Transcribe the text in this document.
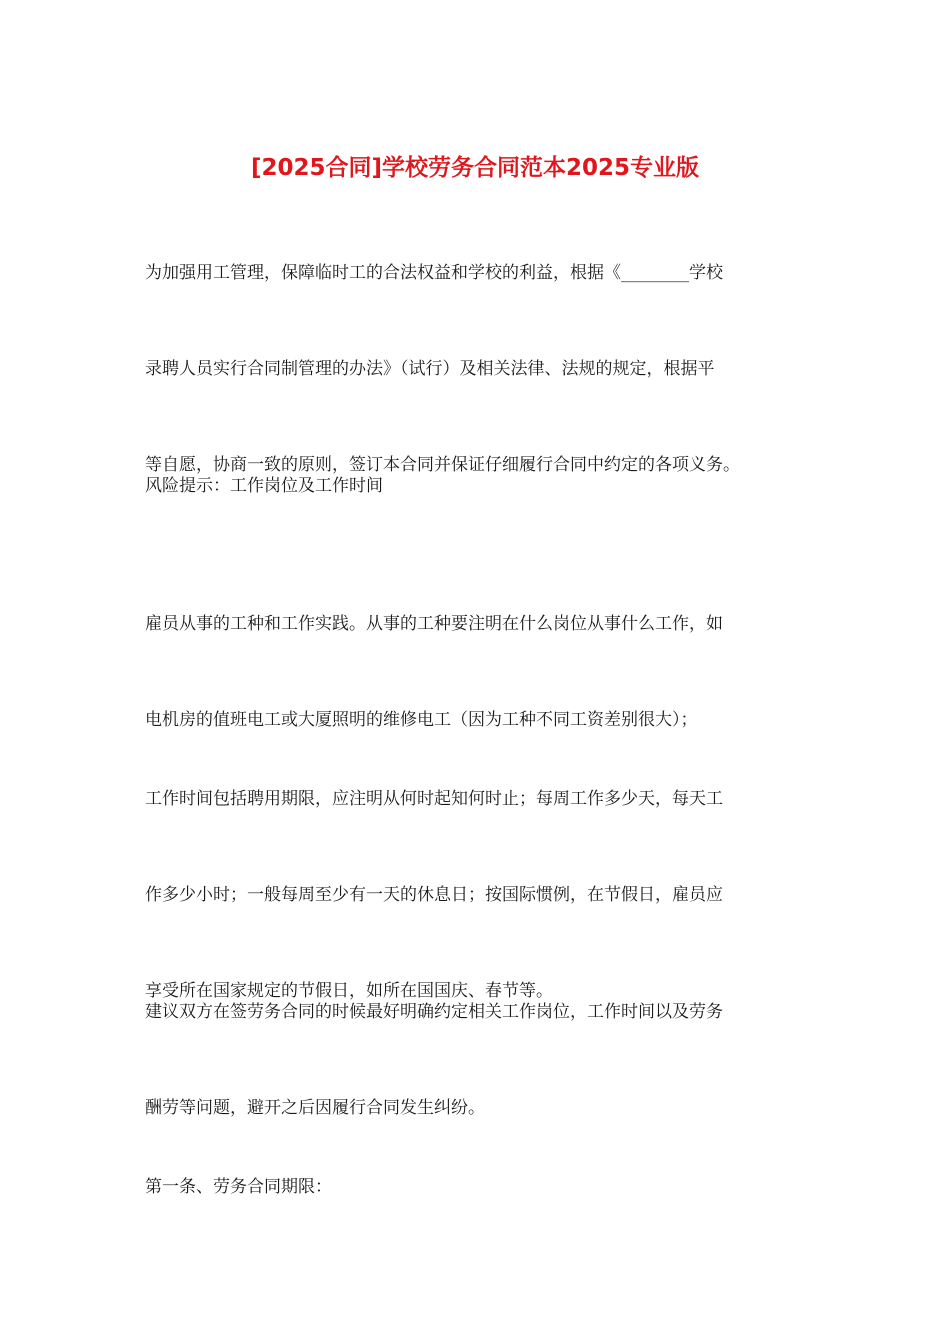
[2025合同]学校劳务合同范本2025专业版

为加强用工管理，保障临时工的合法权益和学校的利益，根据《________学校

录聘人员实行合同制管理的办法》（试行）及相关法律、法规的规定，根据平

等自愿，协商一致的原则，签订本合同并保证仔细履行合同中约定的各项义务。

风险提示：工作岗位及工作时间

雇员从事的工种和工作实践。从事的工种要注明在什么岗位从事什么工作，如

电机房的值班电工或大厦照明的维修电工（因为工种不同工资差别很大）；

工作时间包括聘用期限，应注明从何时起知何时止；每周工作多少天，每天工

作多少小时；一般每周至少有一天的休息日；按国际惯例，在节假日，雇员应

享受所在国家规定的节假日，如所在国国庆、春节等。

建议双方在签劳务合同的时候最好明确约定相关工作岗位，工作时间以及劳务

酬劳等问题，避开之后因履行合同发生纠纷。

第一条、劳务合同期限：
